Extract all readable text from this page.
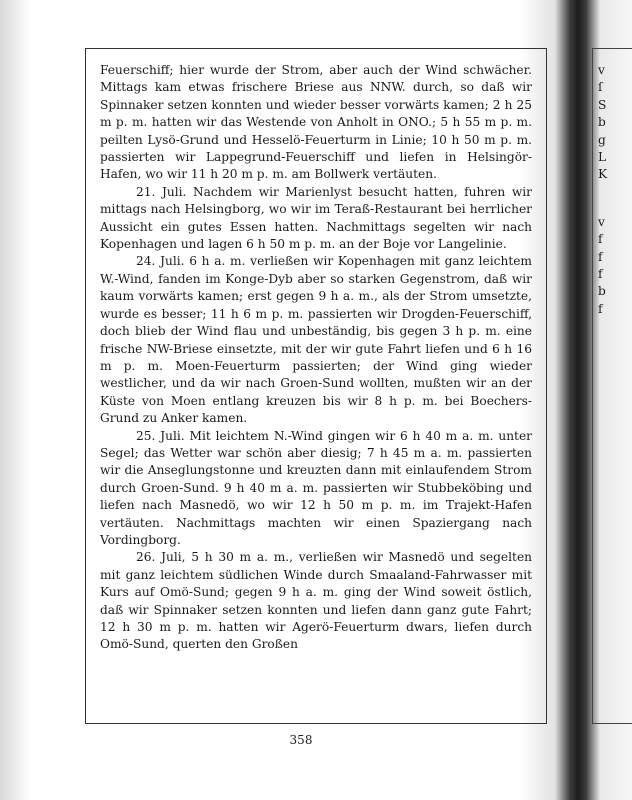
Feuerschiff; hier wurde der Strom, aber auch der Wind schwächer. Mittags kam etwas frischere Briese aus NNW. durch, so daß wir Spinnaker setzen konnten und wieder besser vorwärts kamen; 2 h 25 m p. m. hatten wir das Westende von Anholt in ONO.; 5 h 55 m p. m. peilten Lysö-Grund und Hesselö-Feuerturm in Linie; 10 h 50 m p. m. passierten wir Lappegrund-Feuerschiff und liefen in Helsingör-Hafen, wo wir 11 h 20 m p. m. am Bollwerk vertäuten.

21. Juli. Nachdem wir Marienlyst besucht hatten, fuhren wir mittags nach Helsingborg, wo wir im Teraß-Restaurant bei herrlicher Aussicht ein gutes Essen hatten. Nachmittags segelten wir nach Kopenhagen und lagen 6 h 50 m p. m. an der Boje vor Langelinie.

24. Juli. 6 h a. m. verließen wir Kopenhagen mit ganz leichtem W.-Wind, fanden im Konge-Dyb aber so starken Gegenstrom, daß wir kaum vorwärts kamen; erst gegen 9 h a. m., als der Strom umsetzte, wurde es besser; 11 h 6 m p. m. passierten wir Drogden-Feuerschiff, doch blieb der Wind flau und unbeständig, bis gegen 3 h p. m. eine frische NW-Briese einsetzte, mit der wir gute Fahrt liefen und 6 h 16 m p. m. Moen-Feuerturm passierten; der Wind ging wieder westlicher, und da wir nach Groen-Sund wollten, mußten wir an der Küste von Moen entlang kreuzen bis wir 8 h p. m. bei Boechers-Grund zu Anker kamen.

25. Juli. Mit leichtem N.-Wind gingen wir 6 h 40 m a. m. unter Segel; das Wetter war schön aber diesig; 7 h 45 m a. m. passierten wir die Anseglungstonne und kreuzten dann mit einlaufendem Strom durch Groen-Sund. 9 h 40 m a. m. passierten wir Stubbeköbing und liefen nach Masnedö, wo wir 12 h 50 m p. m. im Trajekt-Hafen vertäuten. Nachmittags machten wir einen Spaziergang nach Vordingborg.

26. Juli, 5 h 30 m a. m., verließen wir Masnedö und segelten mit ganz leichtem südlichen Winde durch Smaaland-Fahrwasser mit Kurs auf Omö-Sund; gegen 9 h a. m. ging der Wind soweit östlich, daß wir Spinnaker setzen konnten und liefen dann ganz gute Fahrt; 12 h 30 m p. m. hatten wir Agerö-Feuerturm dwars, liefen durch Omö-Sund, querten den Großen

358
v
ſ
S
b
g
L
K
v
f
f
f
b
f
